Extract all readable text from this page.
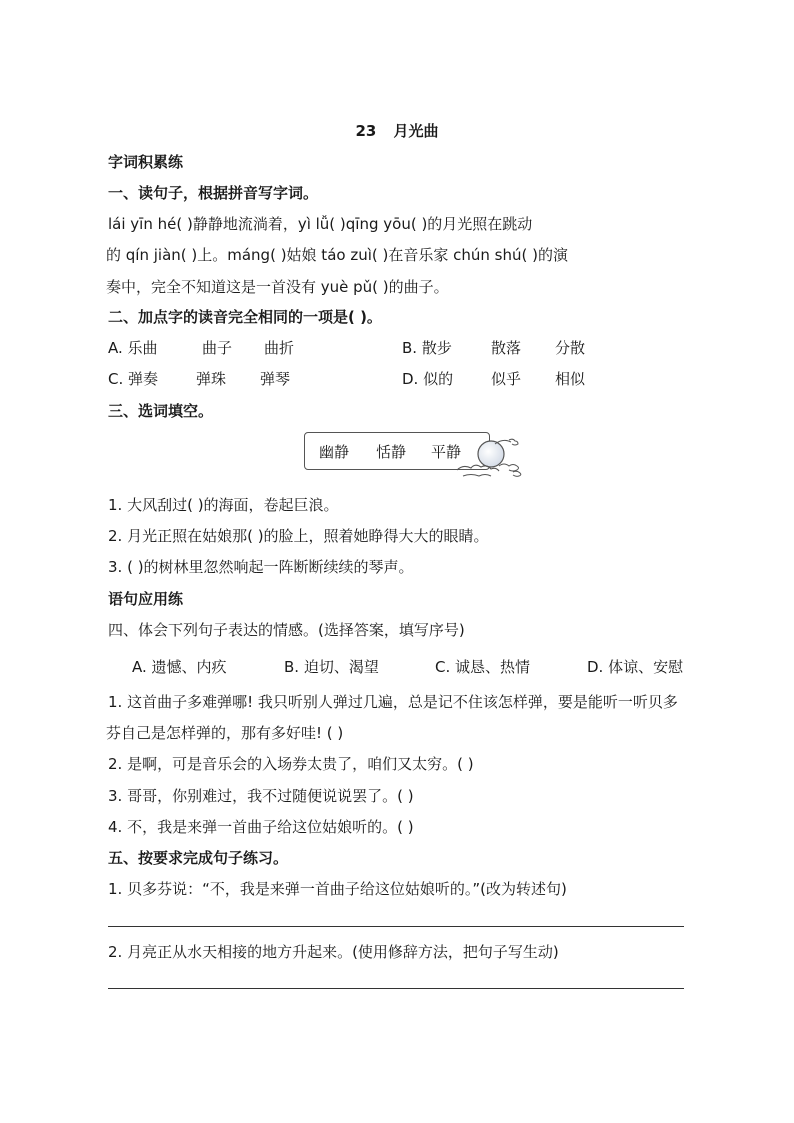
23 月光曲
字词积累练
一、读句子，根据拼音写字词。
lái yīn hé( )静静地流淌着，yì lǚ( )qīng yōu( )的月光照在跳动
的 qín jiàn( )上。máng( )姑娘 táo zuì( )在音乐家 chún shú( )的演
奏中，完全不知道这是一首没有 yuè pǔ( )的曲子。
二、加点字的读音完全相同的一项是( )。
A. 乐曲	曲子 曲折	B. 散步	散落 分散
C. 弹奏	弹珠 弹琴	D. 似的	似乎 相似
三、选词填空。
幽静 恬静 平静
1. 大风刮过( )的海面，卷起巨浪。
2. 月光正照在姑娘那( )的脸上，照着她睁得大大的眼睛。
3. ( )的树林里忽然响起一阵断断续续的琴声。
语句应用练
四、体会下列句子表达的情感。(选择答案，填写序号)
A. 遗憾、内疚	B. 迫切、渴望	C. 诚恳、热情	D. 体谅、安慰
1. 这首曲子多难弹哪! 我只听别人弹过几遍，总是记不住该怎样弹，要是能听一听贝多
芬自己是怎样弹的，那有多好哇! ( )
2. 是啊，可是音乐会的入场券太贵了，咱们又太穷。( )
3. 哥哥，你别难过，我不过随便说说罢了。( )
4. 不，我是来弹一首曲子给这位姑娘听的。( )
五、按要求完成句子练习。
1. 贝多芬说：“不，我是来弹一首曲子给这位姑娘听的。”(改为转述句)
2. 月亮正从水天相接的地方升起来。(使用修辞方法，把句子写生动)
